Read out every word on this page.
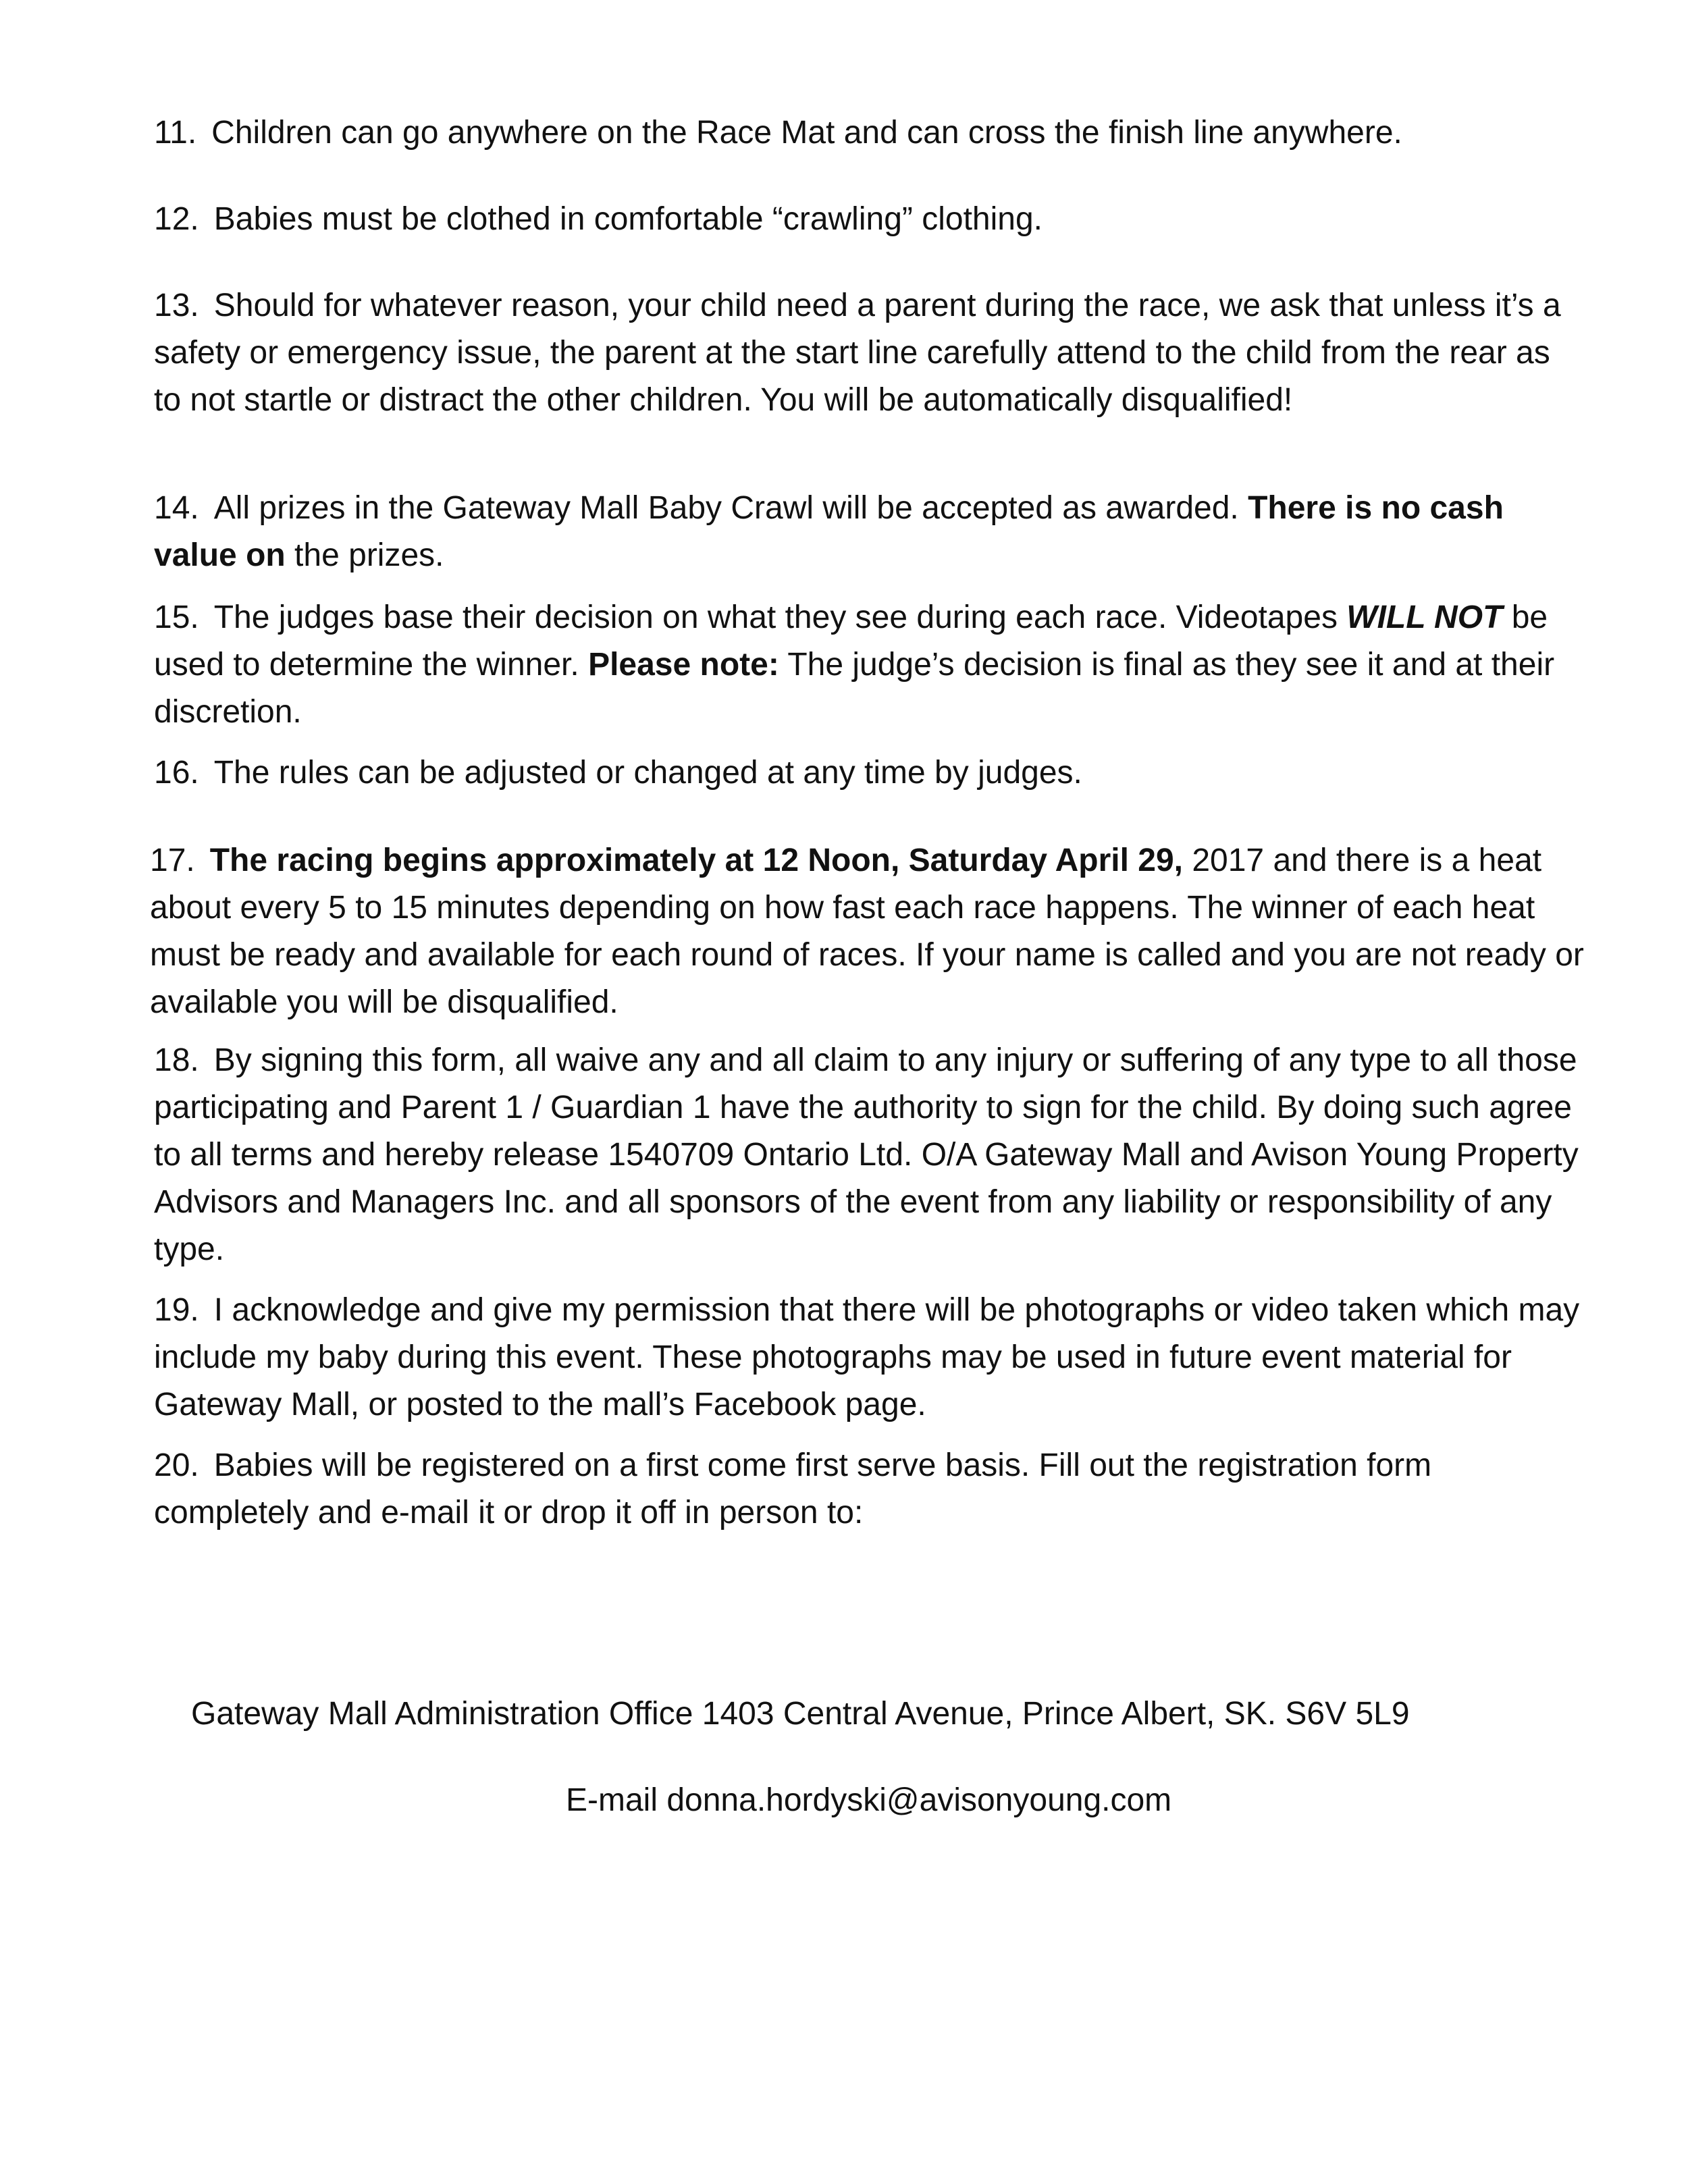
11. Children can go anywhere on the Race Mat and can cross the finish line anywhere.

12. Babies must be clothed in comfortable “crawling” clothing.

13. Should for whatever reason, your child need a parent during the race, we ask that unless it’s a safety or emergency issue, the parent at the start line carefully attend to the child from the rear as to not startle or distract the other children. You will be automatically disqualified!

14. All prizes in the Gateway Mall Baby Crawl will be accepted as awarded. There is no cash value on the prizes.

15. The judges base their decision on what they see during each race. Videotapes WILL NOT be used to determine the winner. Please note: The judge’s decision is final as they see it and at their discretion.

16. The rules can be adjusted or changed at any time by judges.

17. The racing begins approximately at 12 Noon, Saturday April 29, 2017 and there is a heat about every 5 to 15 minutes depending on how fast each race happens. The winner of each heat must be ready and available for each round of races. If your name is called and you are not ready or available you will be disqualified.

18. By signing this form, all waive any and all claim to any injury or suffering of any type to all those participating and Parent 1 / Guardian 1 have the authority to sign for the child. By doing such agree to all terms and hereby release 1540709 Ontario Ltd. O/A Gateway Mall and Avison Young Property Advisors and Managers Inc. and all sponsors of the event from any liability or responsibility of any type.

19. I acknowledge and give my permission that there will be photographs or video taken which may include my baby during this event. These photographs may be used in future event material for Gateway Mall, or posted to the mall’s Facebook page.

20. Babies will be registered on a first come first serve basis. Fill out the registration form completely and e-mail it or drop it off in person to:

Gateway Mall Administration Office 1403 Central Avenue, Prince Albert, SK. S6V 5L9

E-mail donna.hordyski@avisonyoung.com
